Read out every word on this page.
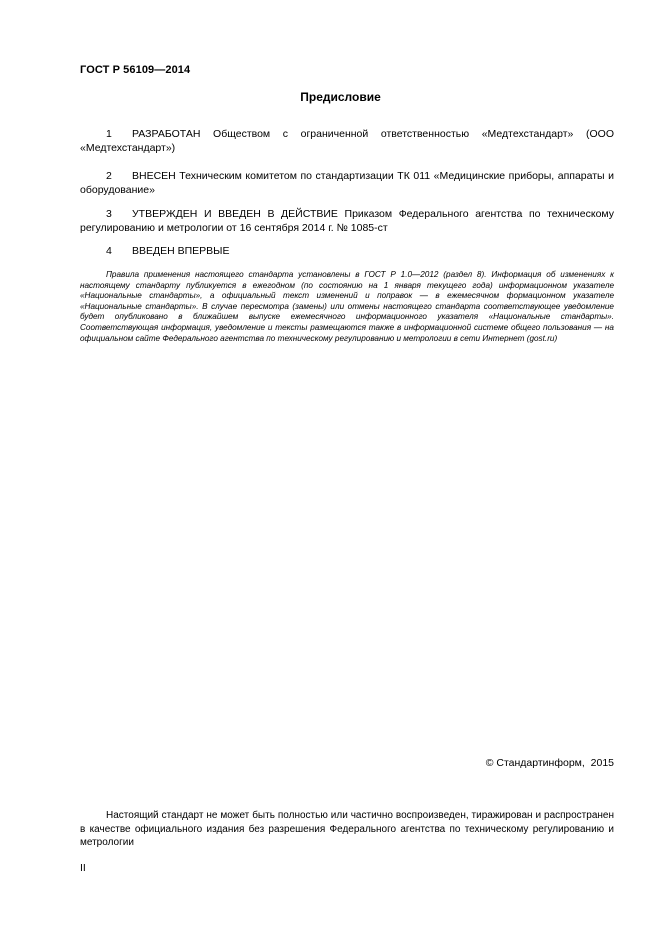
ГОСТ Р 56109—2014
Предисловие
1 РАЗРАБОТАН Обществом с ограниченной ответственностью «Медтехстандарт» (ООО «Медтехстандарт»)
2 ВНЕСЕН Техническим комитетом по стандартизации ТК 011 «Медицинские приборы, аппараты и оборудование»
3 УТВЕРЖДЕН И ВВЕДЕН В ДЕЙСТВИЕ Приказом Федерального агентства по техническому регулированию и метрологии от 16 сентября 2014 г. № 1085-ст
4 ВВЕДЕН ВПЕРВЫЕ
Правила применения настоящего стандарта установлены в ГОСТ Р 1.0—2012 (раздел 8). Информация об изменениях к настоящему стандарту публикуется в ежегодном (по состоянию на 1 января текущего года) информационном указателе «Национальные стандарты», а официальный текст изменений и поправок — в ежемесячном формационном указателе «Национальные стандарты». В случае пересмотра (замены) или отмены настоящего стандарта соответствующее уведомление будет опубликовано в ближайшем выпуске ежемесячного информационного указателя «Национальные стандарты». Соответствующая информация, уведомление и тексты размещаются также в информационной системе общего пользования — на официальном сайте Федерального агентства по техническому регулированию и метрологии в сети Интернет (gost.ru)
© Стандартинформ,  2015
Настоящий стандарт не может быть полностью или частично воспроизведен, тиражирован и распространен в качестве официального издания без разрешения Федерального агентства по техническому регулированию и метрологии
II
